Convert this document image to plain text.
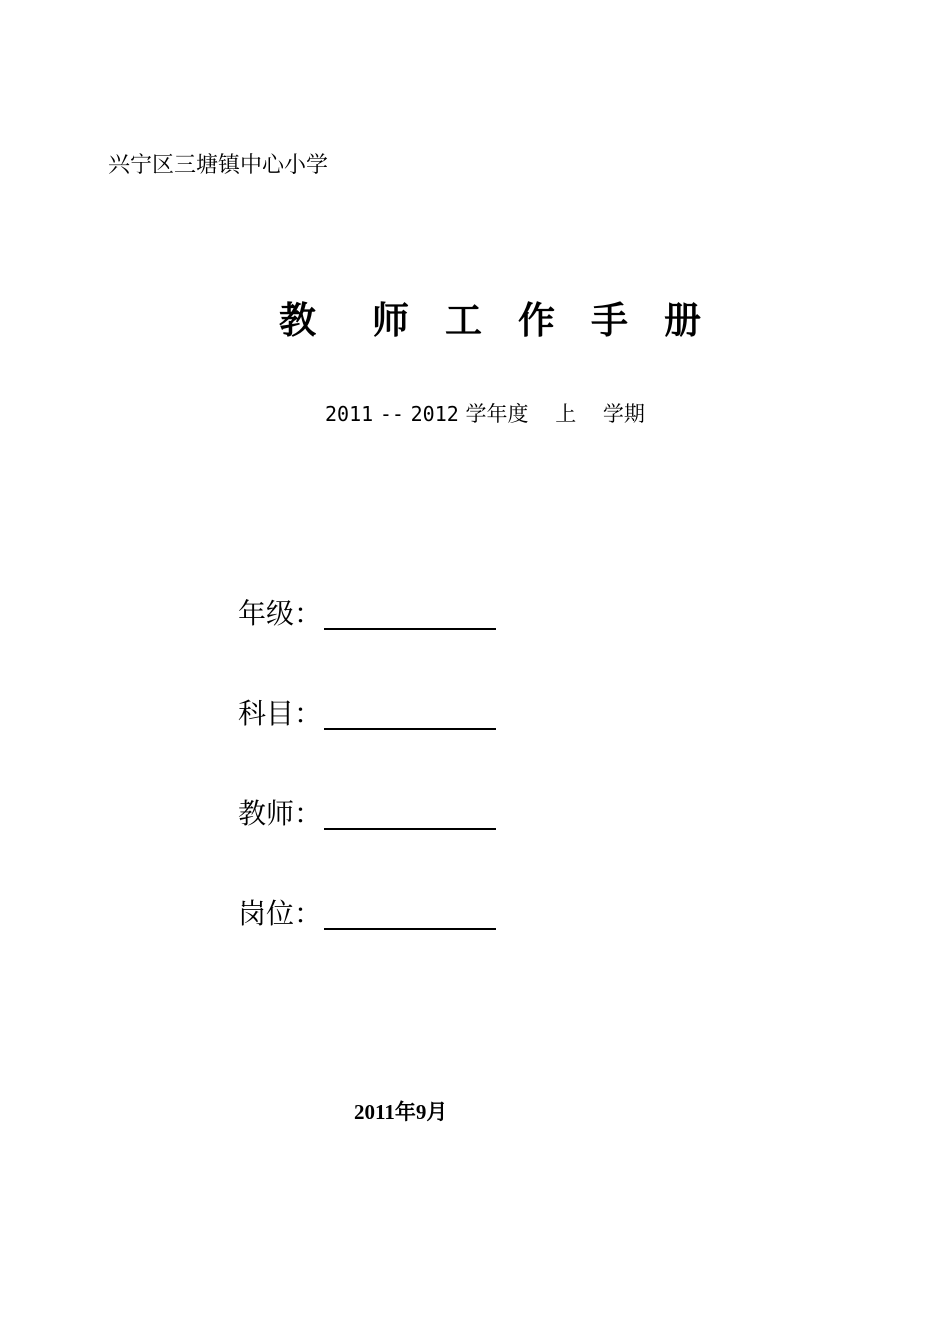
兴宁区三塘镇中心小学
教 师 工 作 手 册
2011 -- 2012 学年度 上 学期
年级：
科目：
教师：
岗位：
2011年9月
